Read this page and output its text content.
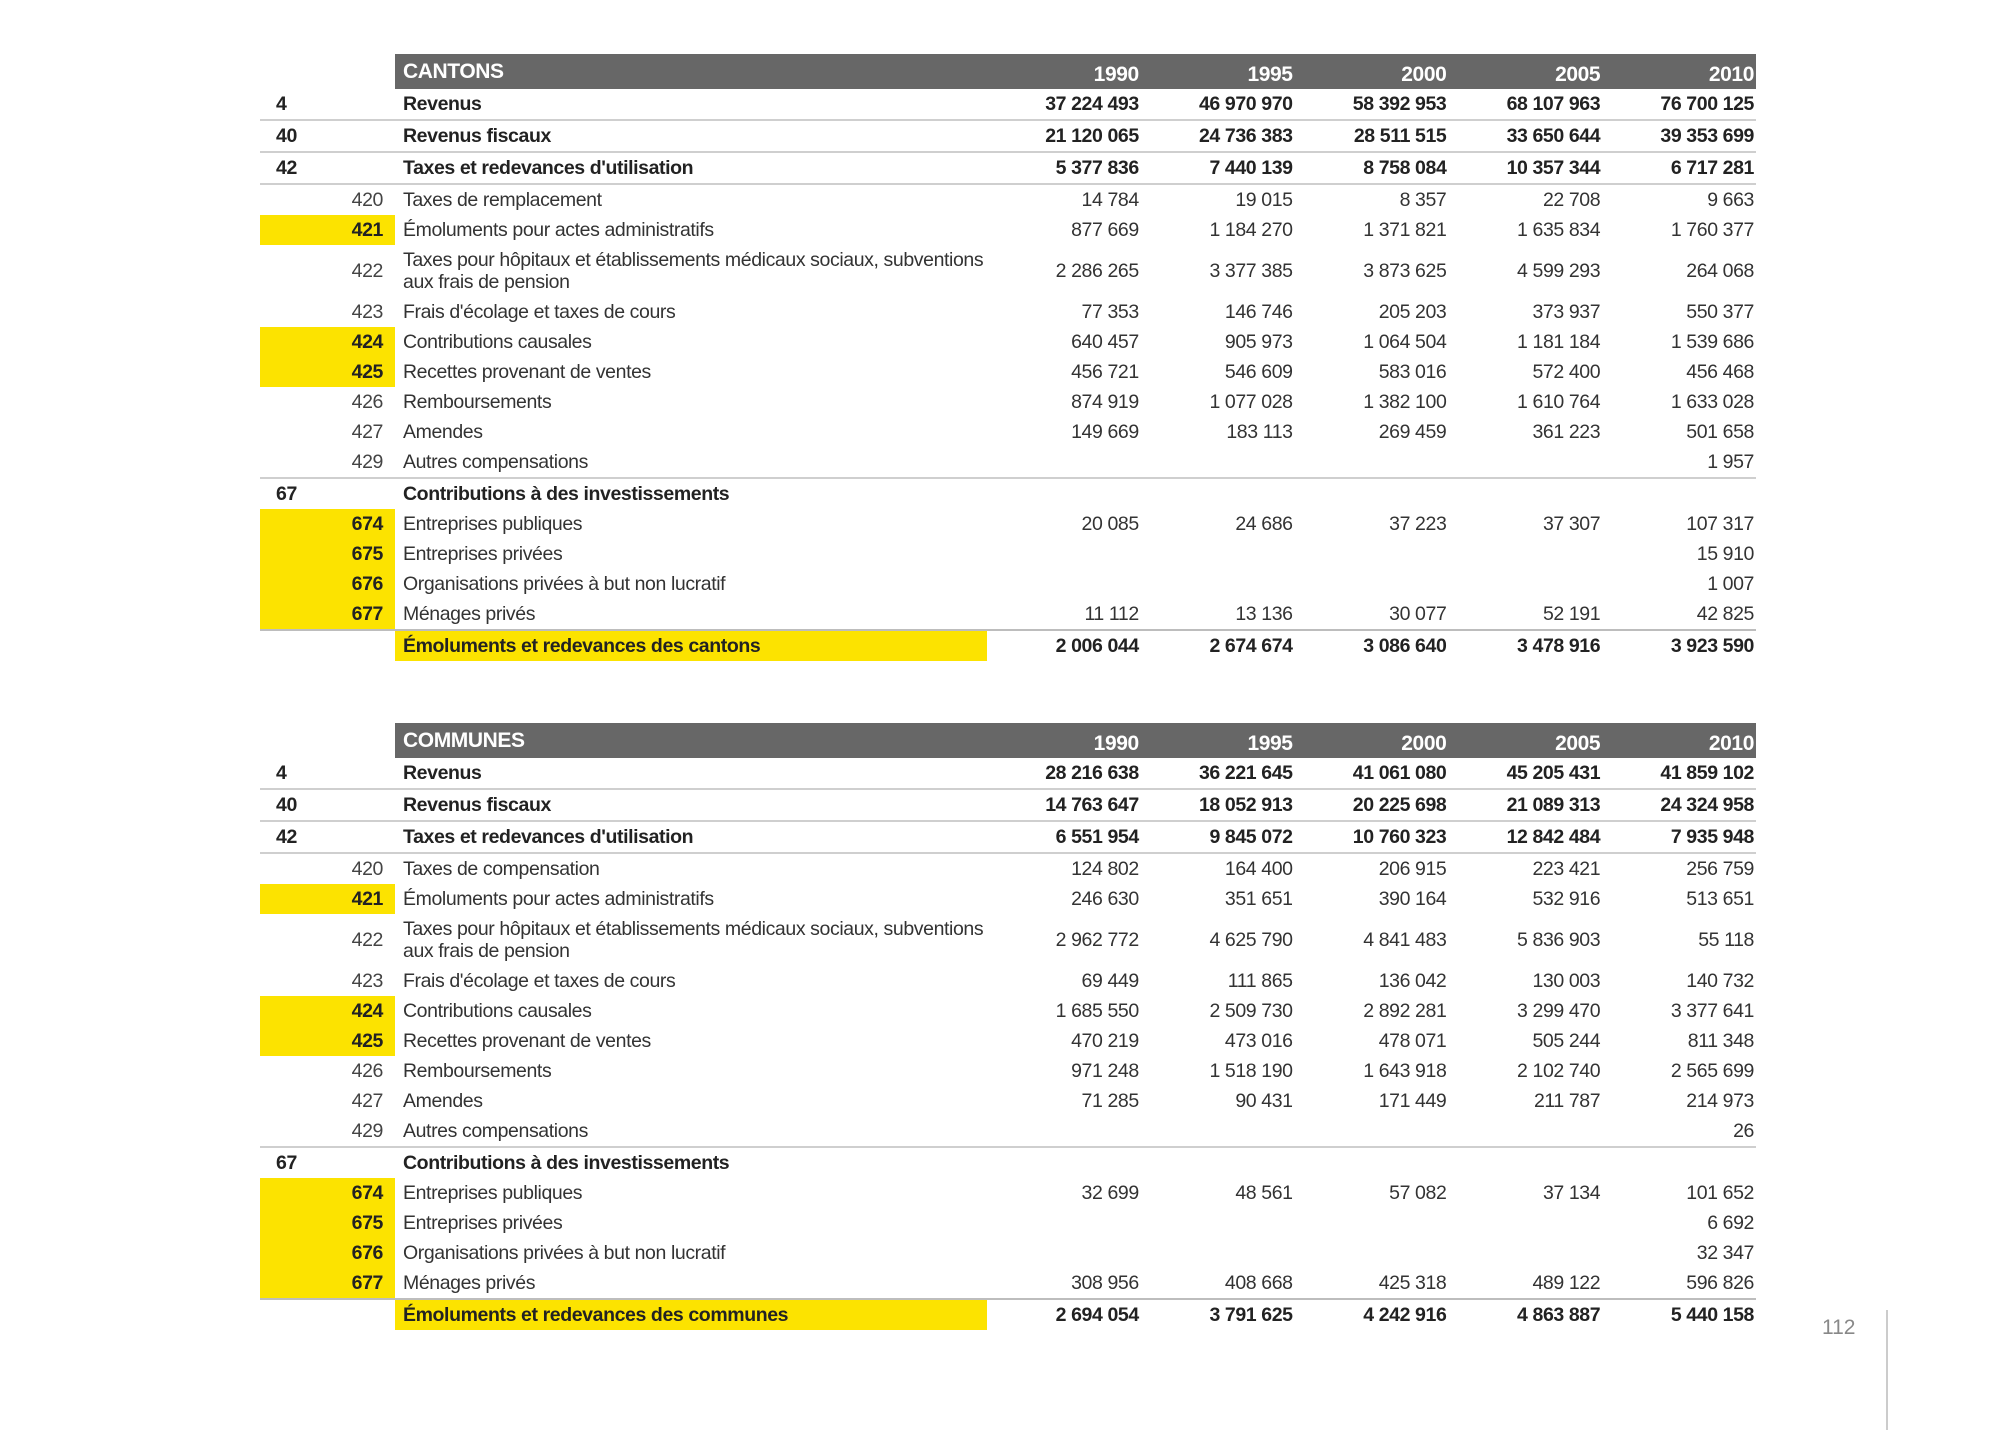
	CANTONS	1990	1995	2000	2005	2010
4	Revenus	37 224 493	46 970 970	58 392 953	68 107 963	76 700 125
40	Revenus fiscaux	21 120 065	24 736 383	28 511 515	33 650 644	39 353 699
42	Taxes et redevances d'utilisation	5 377 836	7 440 139	8 758 084	10 357 344	6 717 281
420	Taxes de remplacement	14 784	19 015	8 357	22 708	9 663
421	Émoluments pour actes administratifs	877 669	1 184 270	1 371 821	1 635 834	1 760 377
422	Taxes pour hôpitaux et établissements médicaux sociaux, subventions aux frais de pension	2 286 265	3 377 385	3 873 625	4 599 293	264 068
423	Frais d'écolage et taxes de cours	77 353	146 746	205 203	373 937	550 377
424	Contributions causales	640 457	905 973	1 064 504	1 181 184	1 539 686
425	Recettes provenant de ventes	456 721	546 609	583 016	572 400	456 468
426	Remboursements	874 919	1 077 028	1 382 100	1 610 764	1 633 028
427	Amendes	149 669	183 113	269 459	361 223	501 658
429	Autres compensations					1 957
67	Contributions à des investissements					
674	Entreprises publiques	20 085	24 686	37 223	37 307	107 317
675	Entreprises privées					15 910
676	Organisations privées à but non lucratif					1 007
677	Ménages privés	11 112	13 136	30 077	52 191	42 825
	Émoluments et redevances des cantons	2 006 044	2 674 674	3 086 640	3 478 916	3 923 590
	COMMUNES	1990	1995	2000	2005	2010
4	Revenus	28 216 638	36 221 645	41 061 080	45 205 431	41 859 102
40	Revenus fiscaux	14 763 647	18 052 913	20 225 698	21 089 313	24 324 958
42	Taxes et redevances d'utilisation	6 551 954	9 845 072	10 760 323	12 842 484	7 935 948
420	Taxes de compensation	124 802	164 400	206 915	223 421	256 759
421	Émoluments pour actes administratifs	246 630	351 651	390 164	532 916	513 651
422	Taxes pour hôpitaux et établissements médicaux sociaux, subventions aux frais de pension	2 962 772	4 625 790	4 841 483	5 836 903	55 118
423	Frais d'écolage et taxes de cours	69 449	111 865	136 042	130 003	140 732
424	Contributions causales	1 685 550	2 509 730	2 892 281	3 299 470	3 377 641
425	Recettes provenant de ventes	470 219	473 016	478 071	505 244	811 348
426	Remboursements	971 248	1 518 190	1 643 918	2 102 740	2 565 699
427	Amendes	71 285	90 431	171 449	211 787	214 973
429	Autres compensations					26
67	Contributions à des investissements					
674	Entreprises publiques	32 699	48 561	57 082	37 134	101 652
675	Entreprises privées					6 692
676	Organisations privées à but non lucratif					32 347
677	Ménages privés	308 956	408 668	425 318	489 122	596 826
	Émoluments et redevances des communes	2 694 054	3 791 625	4 242 916	4 863 887	5 440 158
112
